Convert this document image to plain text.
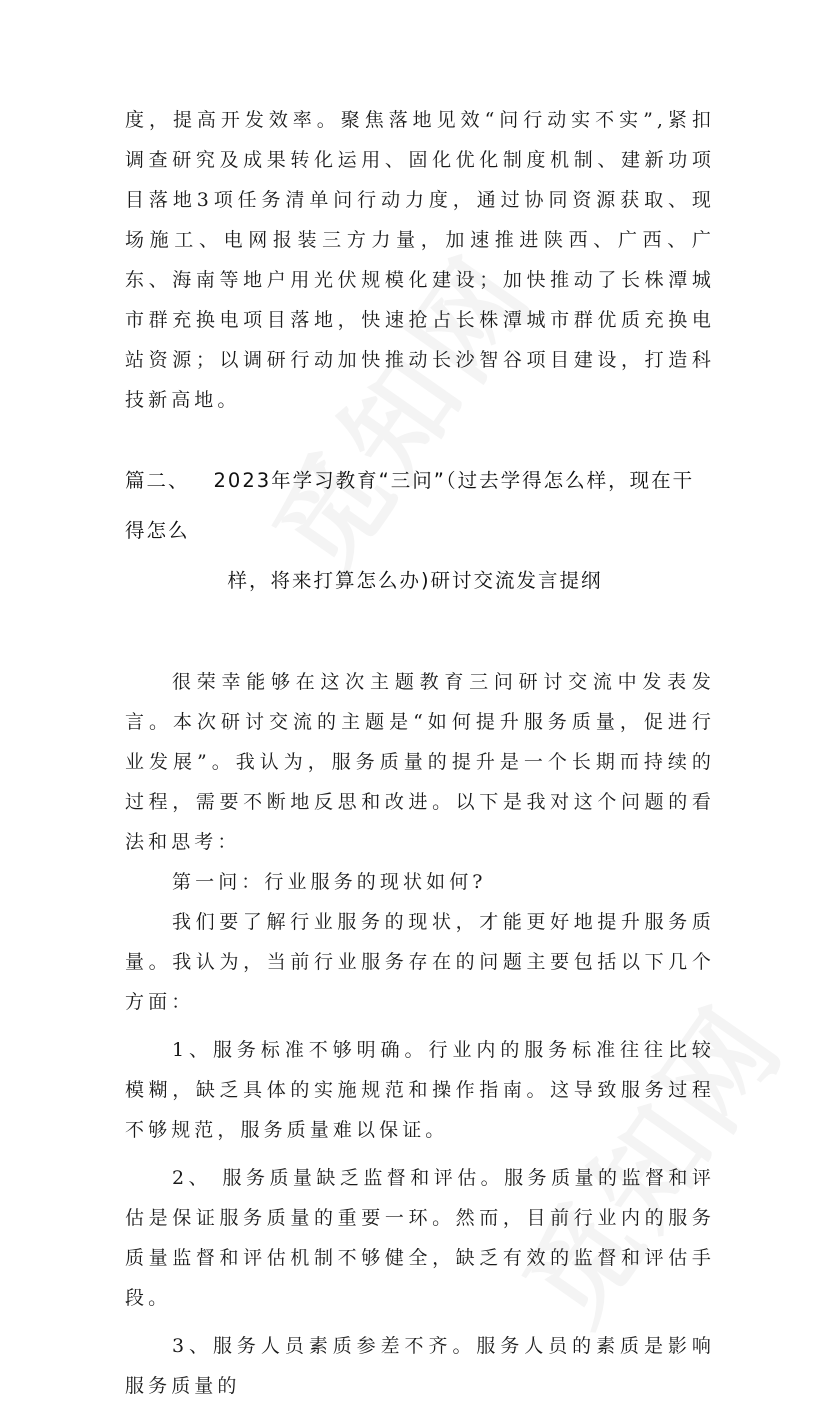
度，提高开发效率。聚焦落地见效“问行动实不实”,紧扣调查研究及成果转化运用、固化优化制度机制、建新功项目落地3项任务清单问行动力度，通过协同资源获取、现场施工、电网报装三方力量，加速推进陕西、广西、广东、海南等地户用光伏规模化建设；加快推动了长株潭城市群充换电项目落地，快速抢占长株潭城市群优质充换电站资源；以调研行动加快推动长沙智谷项目建设，打造科技新高地。

篇二、 2023年学习教育“三问”（过去学得怎么样，现在干得怎么
样，将来打算怎么办)研讨交流发言提纲

很荣幸能够在这次主题教育三问研讨交流中发表发言。本次研讨交流的主题是“如何提升服务质量，促进行业发展”。我认为，服务质量的提升是一个长期而持续的过程，需要不断地反思和改进。以下是我对这个问题的看法和思考：

第一问：行业服务的现状如何?

我们要了解行业服务的现状，才能更好地提升服务质量。我认为，当前行业服务存在的问题主要包括以下几个方面：

1、服务标准不够明确。行业内的服务标准往往比较模糊，缺乏具体的实施规范和操作指南。这导致服务过程不够规范，服务质量难以保证。

2、 服务质量缺乏监督和评估。服务质量的监督和评估是保证服务质量的重要一环。然而，目前行业内的服务质量监督和评估机制不够健全，缺乏有效的监督和评估手段。

3、服务人员素质参差不齐。服务人员的素质是影响服务质量的
